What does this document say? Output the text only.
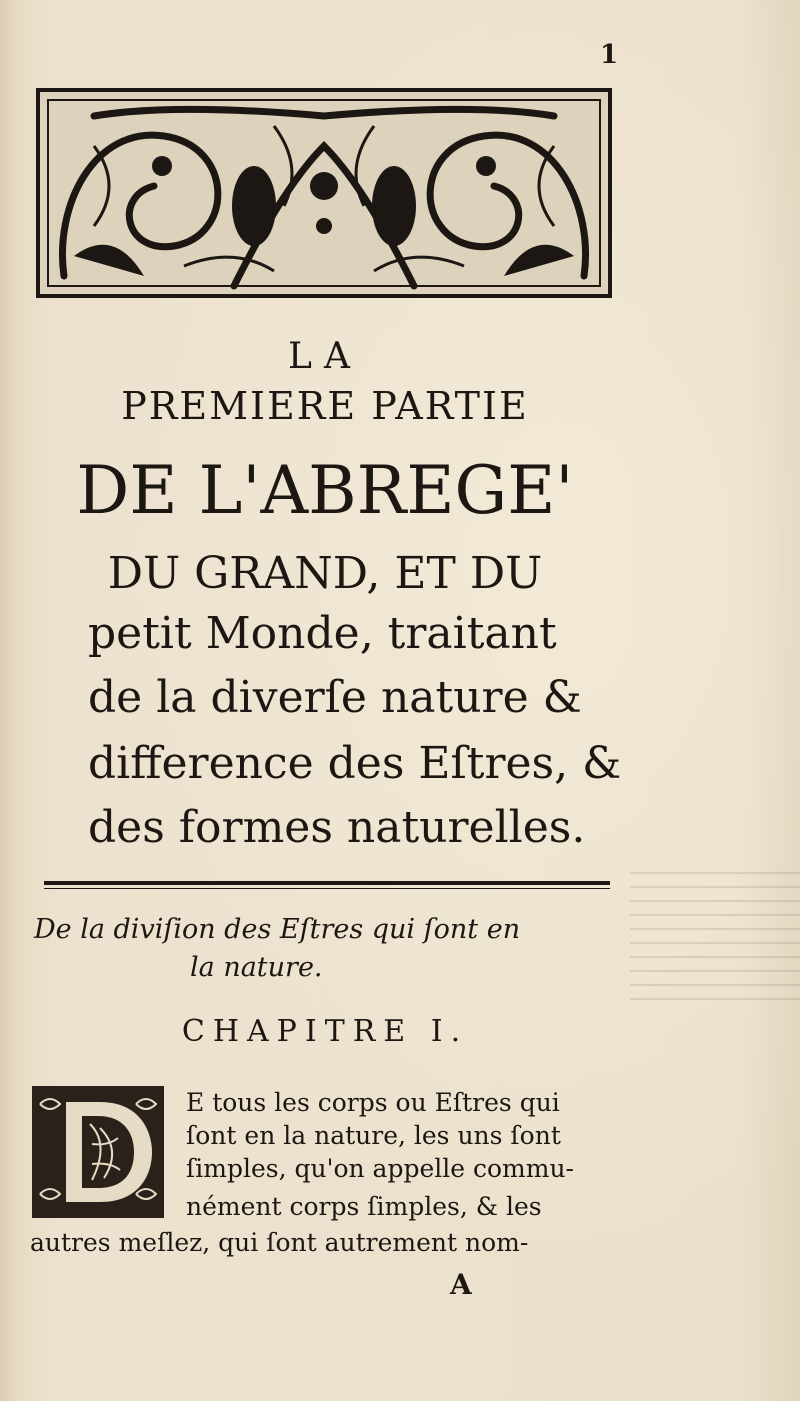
1
LA
PREMIERE PARTIE
DE L'ABREGE'
DU GRAND, ET DU
petit Monde, traitant
de la diverſe nature &
difference des Eſtres, &
des formes naturelles.
De la diviſion des Eſtres qui ſont en
la nature.
CHAPITRE I.
E tous les corps ou Eſtres qui
ſont en la nature, les uns ſont
ſimples, qu'on appelle commu-
nément corps ſimples, & les
autres meſlez, qui ſont autrement nom-
A
